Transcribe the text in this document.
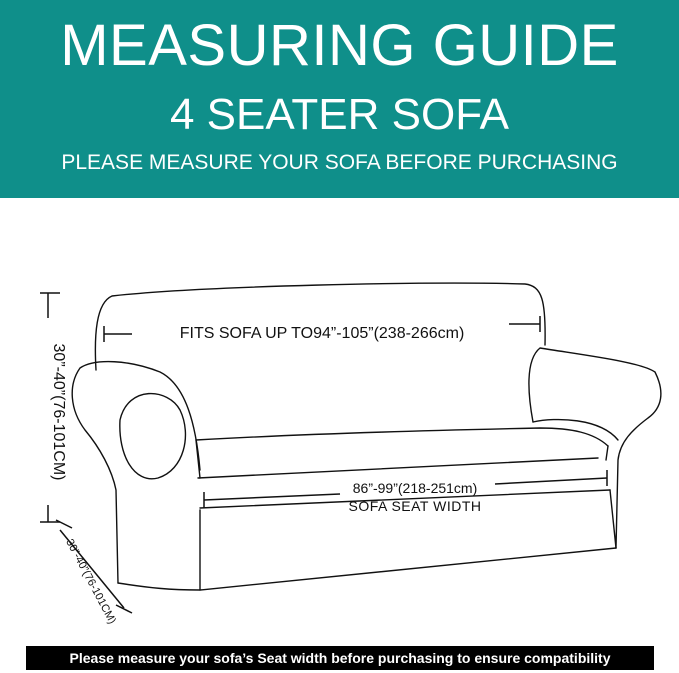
MEASURING GUIDE
4 SEATER SOFA
PLEASE MEASURE YOUR SOFA BEFORE PURCHASING
FITS SOFA UP TO94”-105”(238-266cm)
86”-99”(218-251cm)
SOFA SEAT WIDTH
30”-40”(76-101CM)
30”-40”(76-101CM)
Please measure your sofa’s Seat width before purchasing to ensure compatibility
